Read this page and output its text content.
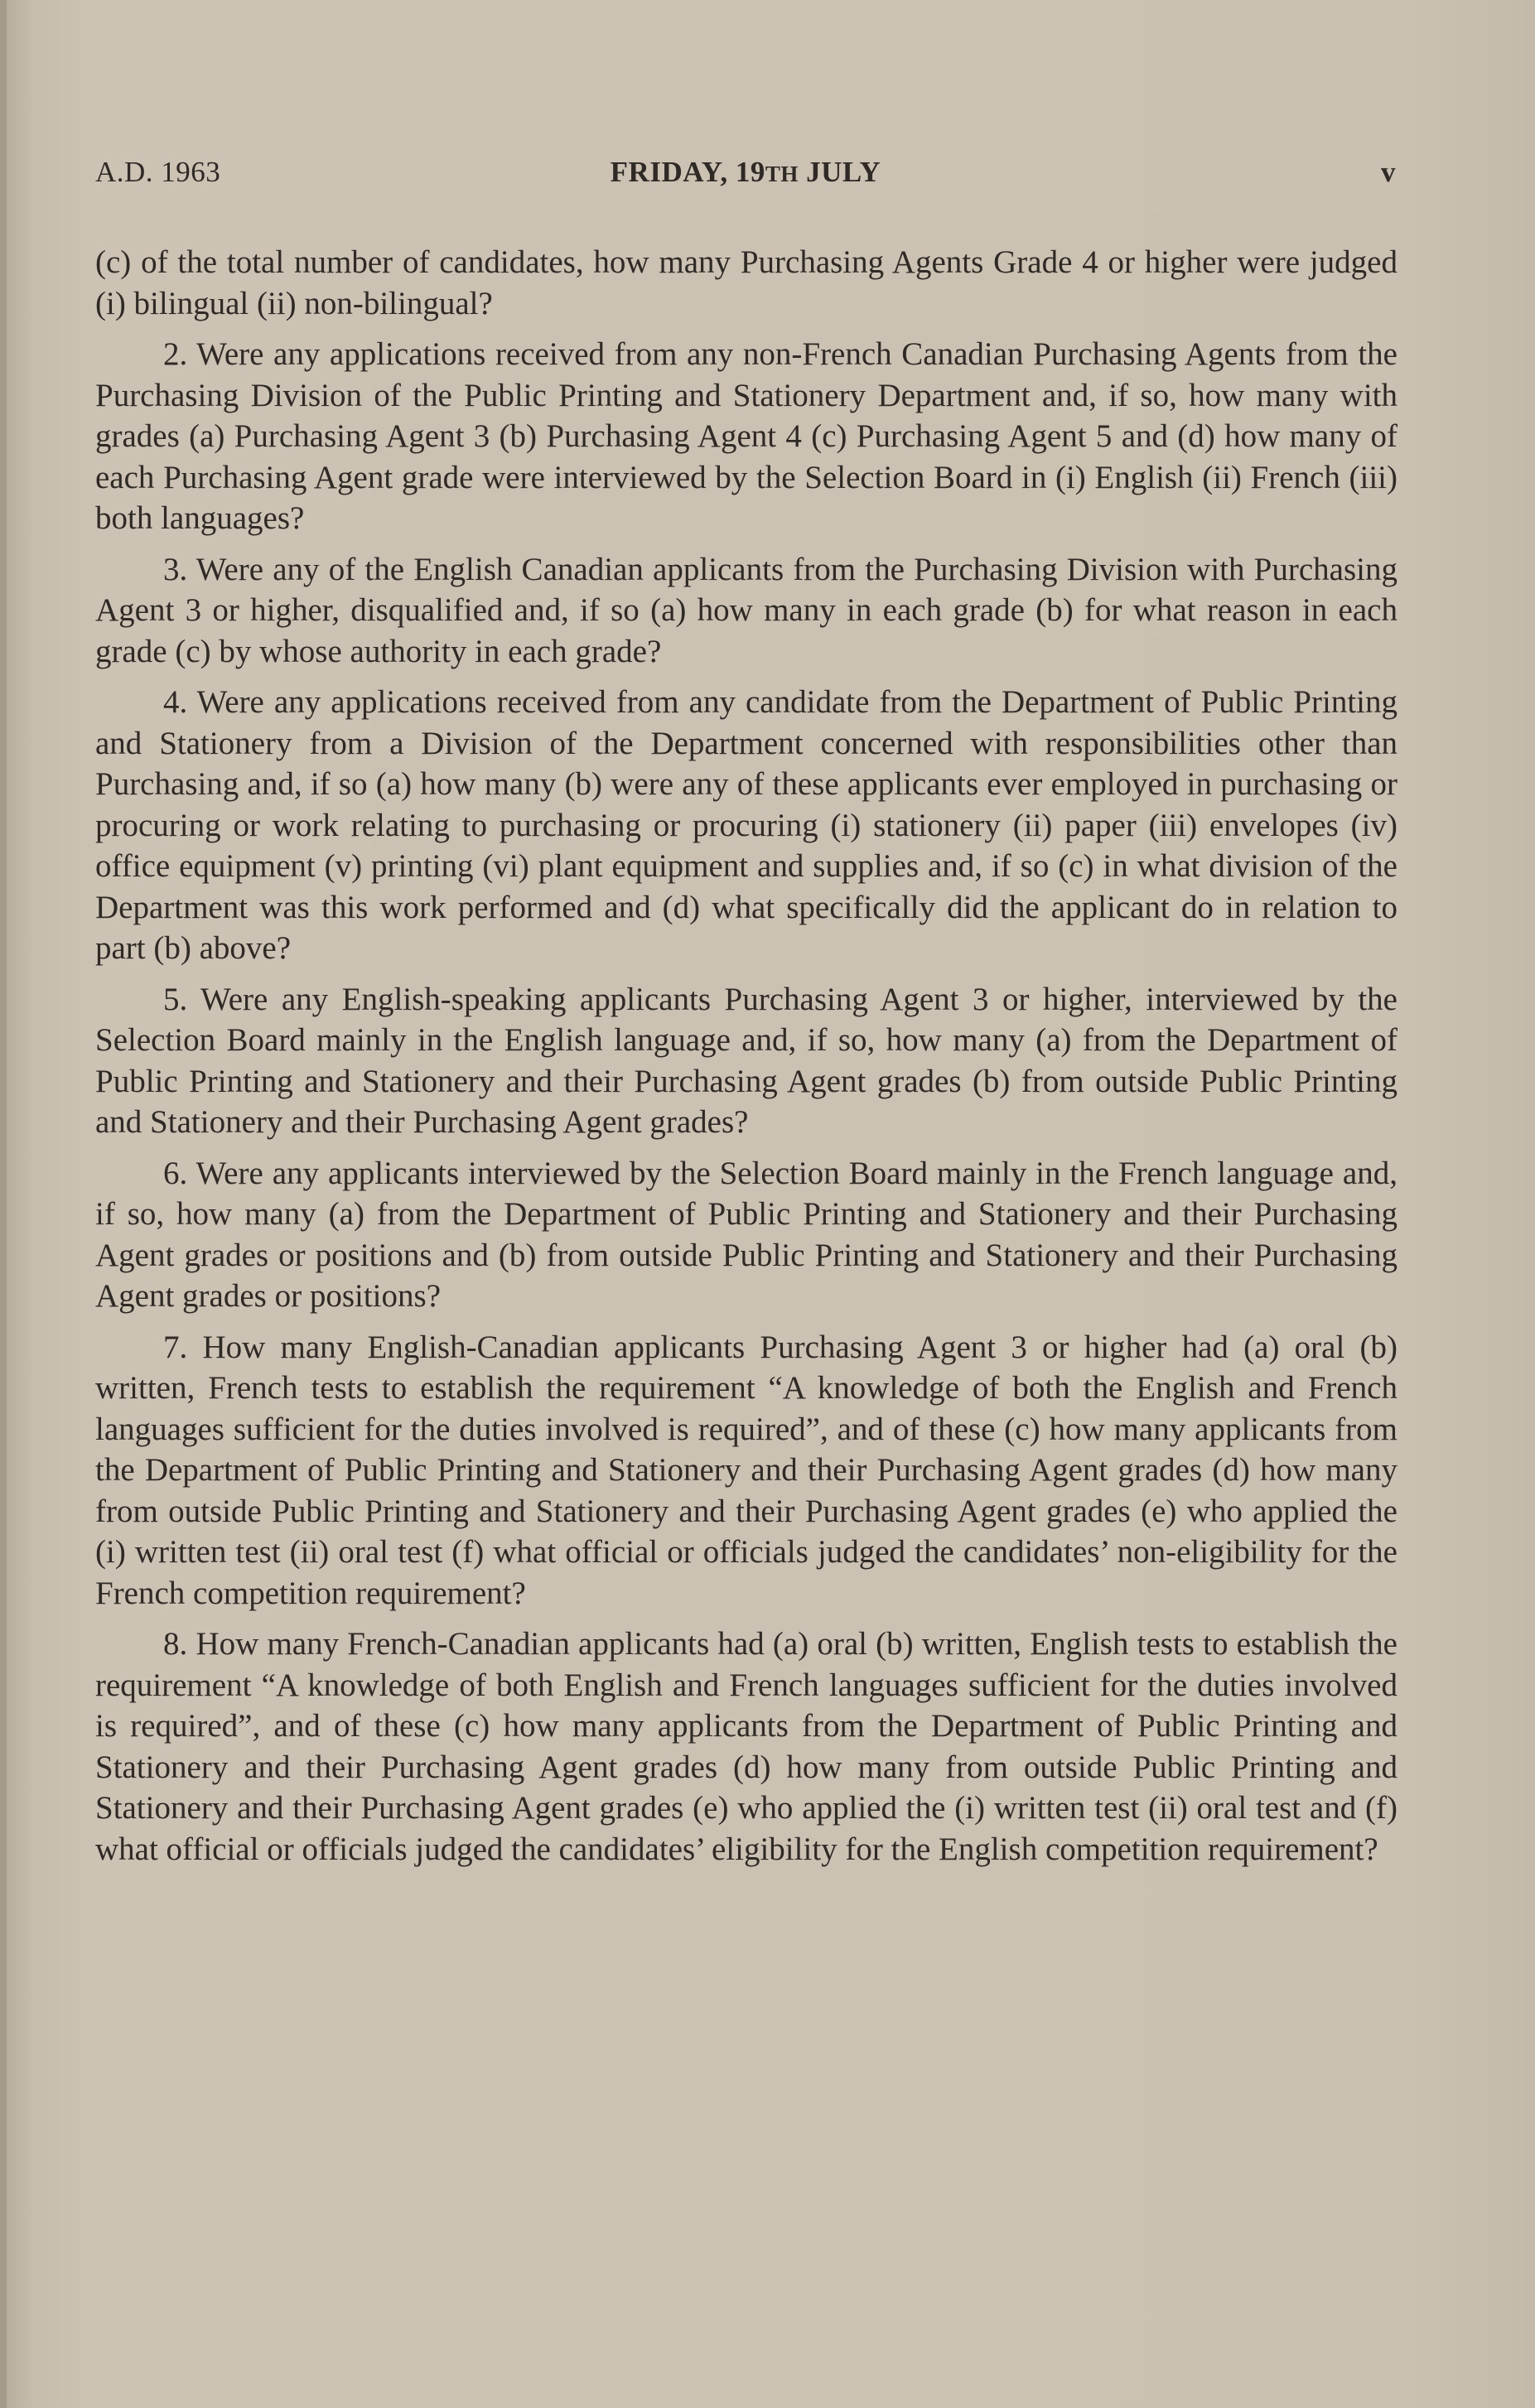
A.D. 1963	FRIDAY, 19TH JULY	v

(c) of the total number of candidates, how many Purchasing Agents Grade 4 or higher were judged (i) bilingual (ii) non-bilingual?

2. Were any applications received from any non-French Canadian Purchasing Agents from the Purchasing Division of the Public Printing and Stationery Department and, if so, how many with grades (a) Purchasing Agent 3 (b) Purchasing Agent 4 (c) Purchasing Agent 5 and (d) how many of each Purchasing Agent grade were interviewed by the Selection Board in (i) English (ii) French (iii) both languages?

3. Were any of the English Canadian applicants from the Purchasing Division with Purchasing Agent 3 or higher, disqualified and, if so (a) how many in each grade (b) for what reason in each grade (c) by whose authority in each grade?

4. Were any applications received from any candidate from the Department of Public Printing and Stationery from a Division of the Department concerned with responsibilities other than Purchasing and, if so (a) how many (b) were any of these applicants ever employed in purchasing or procuring or work relating to purchasing or procuring (i) stationery (ii) paper (iii) envelopes (iv) office equipment (v) printing (vi) plant equipment and supplies and, if so (c) in what division of the Department was this work performed and (d) what specifically did the applicant do in relation to part (b) above?

5. Were any English-speaking applicants Purchasing Agent 3 or higher, interviewed by the Selection Board mainly in the English language and, if so, how many (a) from the Department of Public Printing and Stationery and their Purchasing Agent grades (b) from outside Public Printing and Stationery and their Purchasing Agent grades?

6. Were any applicants interviewed by the Selection Board mainly in the French language and, if so, how many (a) from the Department of Public Printing and Stationery and their Purchasing Agent grades or positions and (b) from outside Public Printing and Stationery and their Purchasing Agent grades or positions?

7. How many English-Canadian applicants Purchasing Agent 3 or higher had (a) oral (b) written, French tests to establish the requirement “A knowledge of both the English and French languages sufficient for the duties involved is required”, and of these (c) how many applicants from the Department of Public Printing and Stationery and their Purchasing Agent grades (d) how many from outside Public Printing and Stationery and their Purchasing Agent grades (e) who applied the (i) written test (ii) oral test (f) what official or officials judged the candidates’ non-eligibility for the French competition requirement?

8. How many French-Canadian applicants had (a) oral (b) written, English tests to establish the requirement “A knowledge of both English and French languages sufficient for the duties involved is required”, and of these (c) how many applicants from the Department of Public Printing and Stationery and their Purchasing Agent grades (d) how many from outside Public Printing and Stationery and their Purchasing Agent grades (e) who applied the (i) written test (ii) oral test and (f) what official or officials judged the candidates’ eligibility for the English competition requirement?
